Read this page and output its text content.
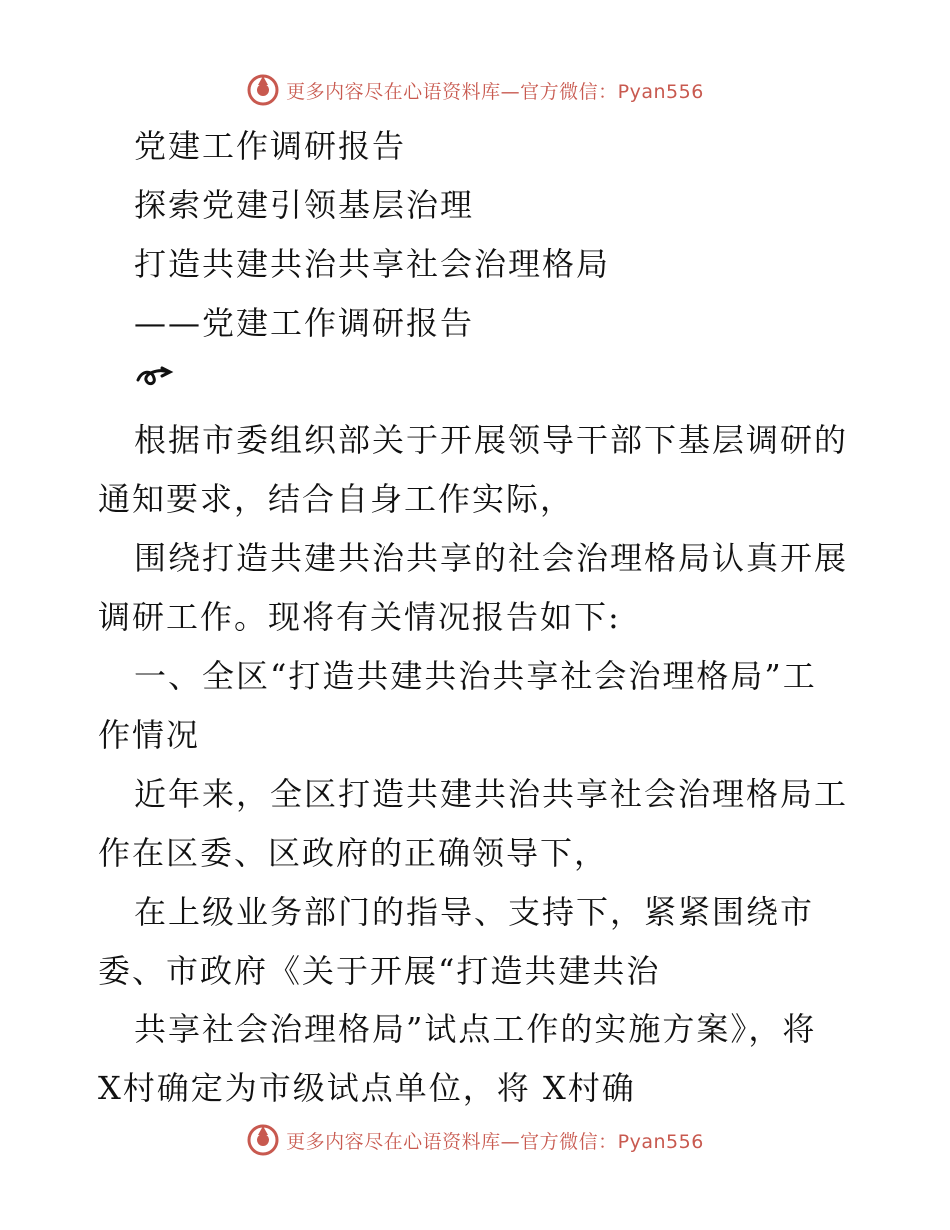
更多内容尽在心语资料库—官方微信：Pyan556
党建工作调研报告
探索党建引领基层治理
打造共建共治共享社会治理格局
——党建工作调研报告
根据市委组织部关于开展领导干部下基层调研的
通知要求，结合自身工作实际，
围绕打造共建共治共享的社会治理格局认真开展
调研工作。现将有关情况报告如下:
一、全区“打造共建共治共享社会治理格局”工
作情况
近年来，全区打造共建共治共享社会治理格局工
作在区委、区政府的正确领导下，
在上级业务部门的指导、支持下，紧紧围绕市
委、市政府《关于开展“打造共建共治
共享社会治理格局”试点工作的实施方案》，将
X村确定为市级试点单位，将 X村确
更多内容尽在心语资料库—官方微信：Pyan556
